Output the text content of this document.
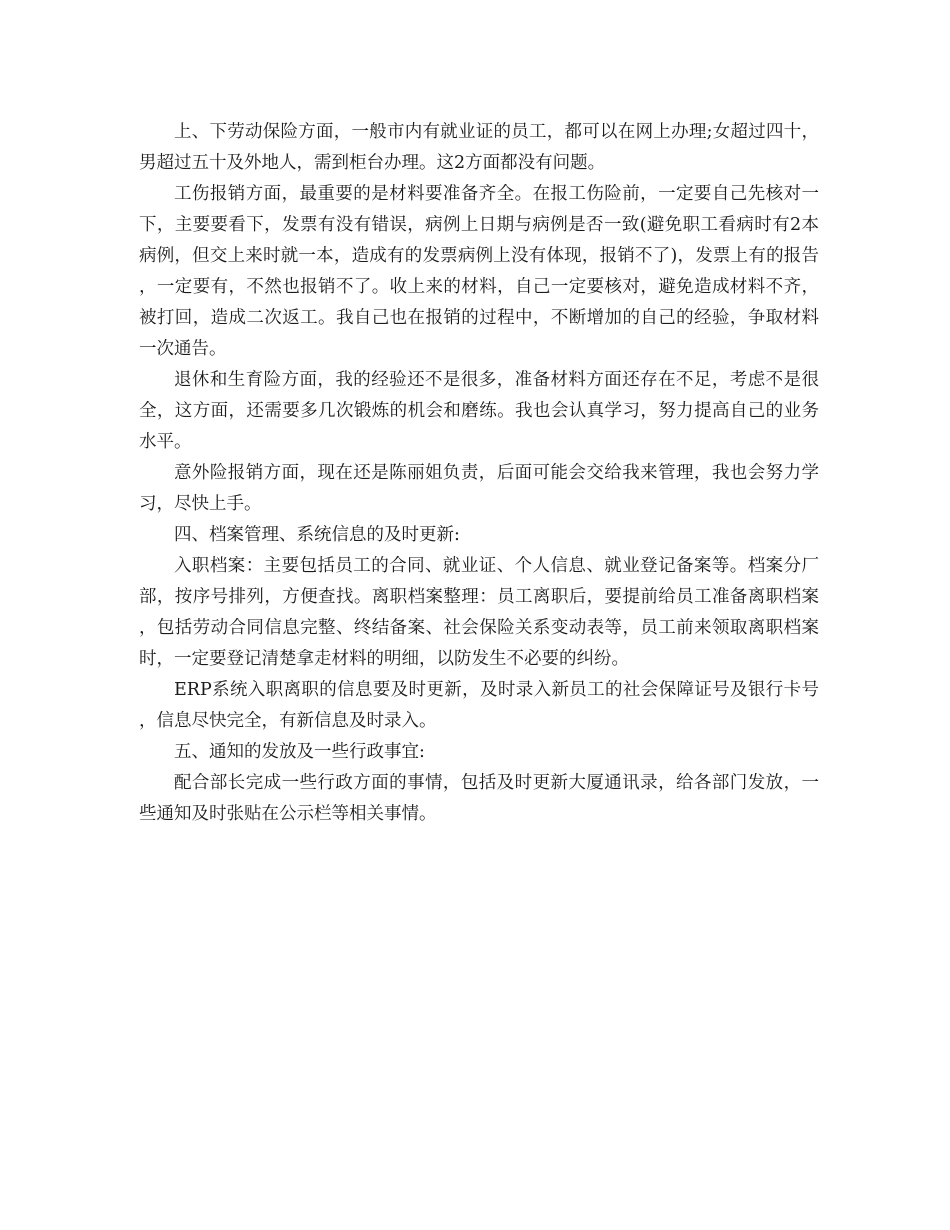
上、下劳动保险方面，一般市内有就业证的员工，都可以在网上办理;女超过四十，男超过五十及外地人，需到柜台办理。这2方面都没有问题。

工伤报销方面，最重要的是材料要准备齐全。在报工伤险前，一定要自己先核对一下，主要要看下，发票有没有错误，病例上日期与病例是否一致(避免职工看病时有2本病例，但交上来时就一本，造成有的发票病例上没有体现，报销不了)，发票上有的报告，一定要有，不然也报销不了。收上来的材料，自己一定要核对，避免造成材料不齐，被打回，造成二次返工。我自己也在报销的过程中，不断增加的自己的经验，争取材料一次通告。

退休和生育险方面，我的经验还不是很多，准备材料方面还存在不足，考虑不是很全，这方面，还需要多几次锻炼的机会和磨练。我也会认真学习，努力提高自己的业务水平。

意外险报销方面，现在还是陈丽姐负责，后面可能会交给我来管理，我也会努力学习，尽快上手。

四、档案管理、系统信息的及时更新:

入职档案：主要包括员工的合同、就业证、个人信息、就业登记备案等。档案分厂部，按序号排列，方便查找。离职档案整理：员工离职后，要提前给员工准备离职档案，包括劳动合同信息完整、终结备案、社会保险关系变动表等，员工前来领取离职档案时，一定要登记清楚拿走材料的明细，以防发生不必要的纠纷。

ERP系统入职离职的信息要及时更新，及时录入新员工的社会保障证号及银行卡号，信息尽快完全，有新信息及时录入。

五、通知的发放及一些行政事宜:

配合部长完成一些行政方面的事情，包括及时更新大厦通讯录，给各部门发放，一些通知及时张贴在公示栏等相关事情。
